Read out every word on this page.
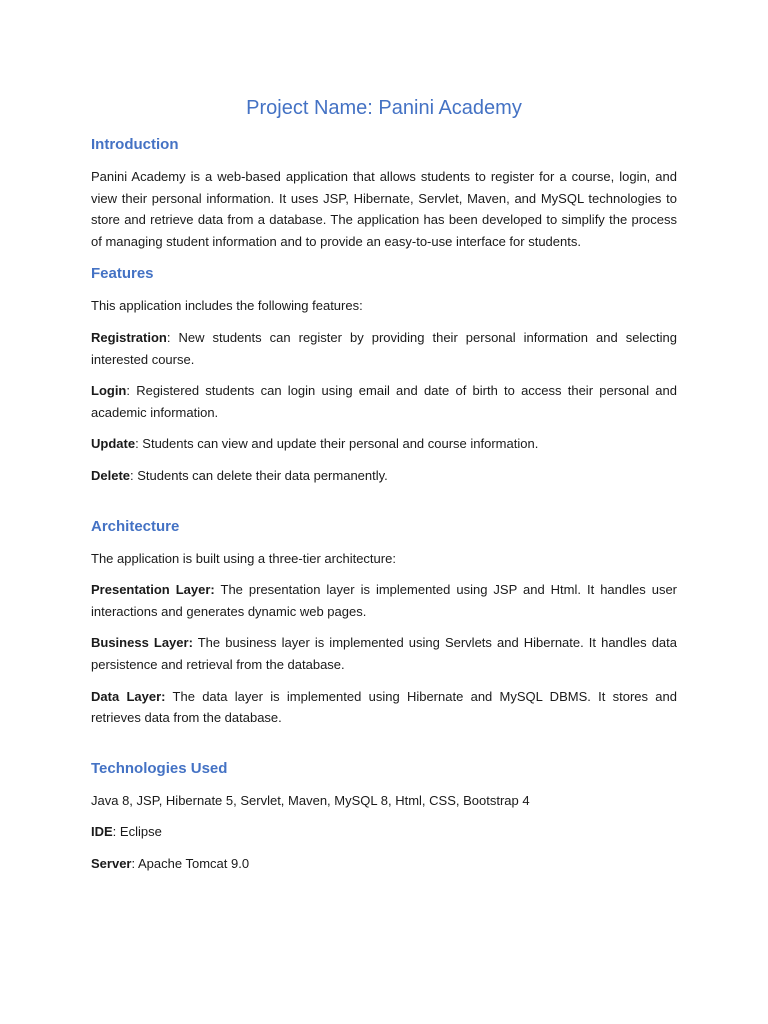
Project Name: Panini Academy
Introduction

Panini Academy is a web-based application that allows students to register for a course, login, and view their personal information. It uses JSP, Hibernate, Servlet, Maven, and MySQL technologies to store and retrieve data from a database. The application has been developed to simplify the process of managing student information and to provide an easy-to-use interface for students.

Features

This application includes the following features:

Registration: New students can register by providing their personal information and selecting interested course.

Login: Registered students can login using email and date of birth to access their personal and academic information.

Update: Students can view and update their personal and course information.

Delete: Students can delete their data permanently.

Architecture

The application is built using a three-tier architecture:

Presentation Layer: The presentation layer is implemented using JSP and Html. It handles user interactions and generates dynamic web pages.

Business Layer: The business layer is implemented using Servlets and Hibernate. It handles data persistence and retrieval from the database.

Data Layer: The data layer is implemented using Hibernate and MySQL DBMS. It stores and retrieves data from the database.

Technologies Used

Java 8, JSP, Hibernate 5, Servlet, Maven, MySQL 8, Html, CSS, Bootstrap 4

IDE: Eclipse

Server: Apache Tomcat 9.0
